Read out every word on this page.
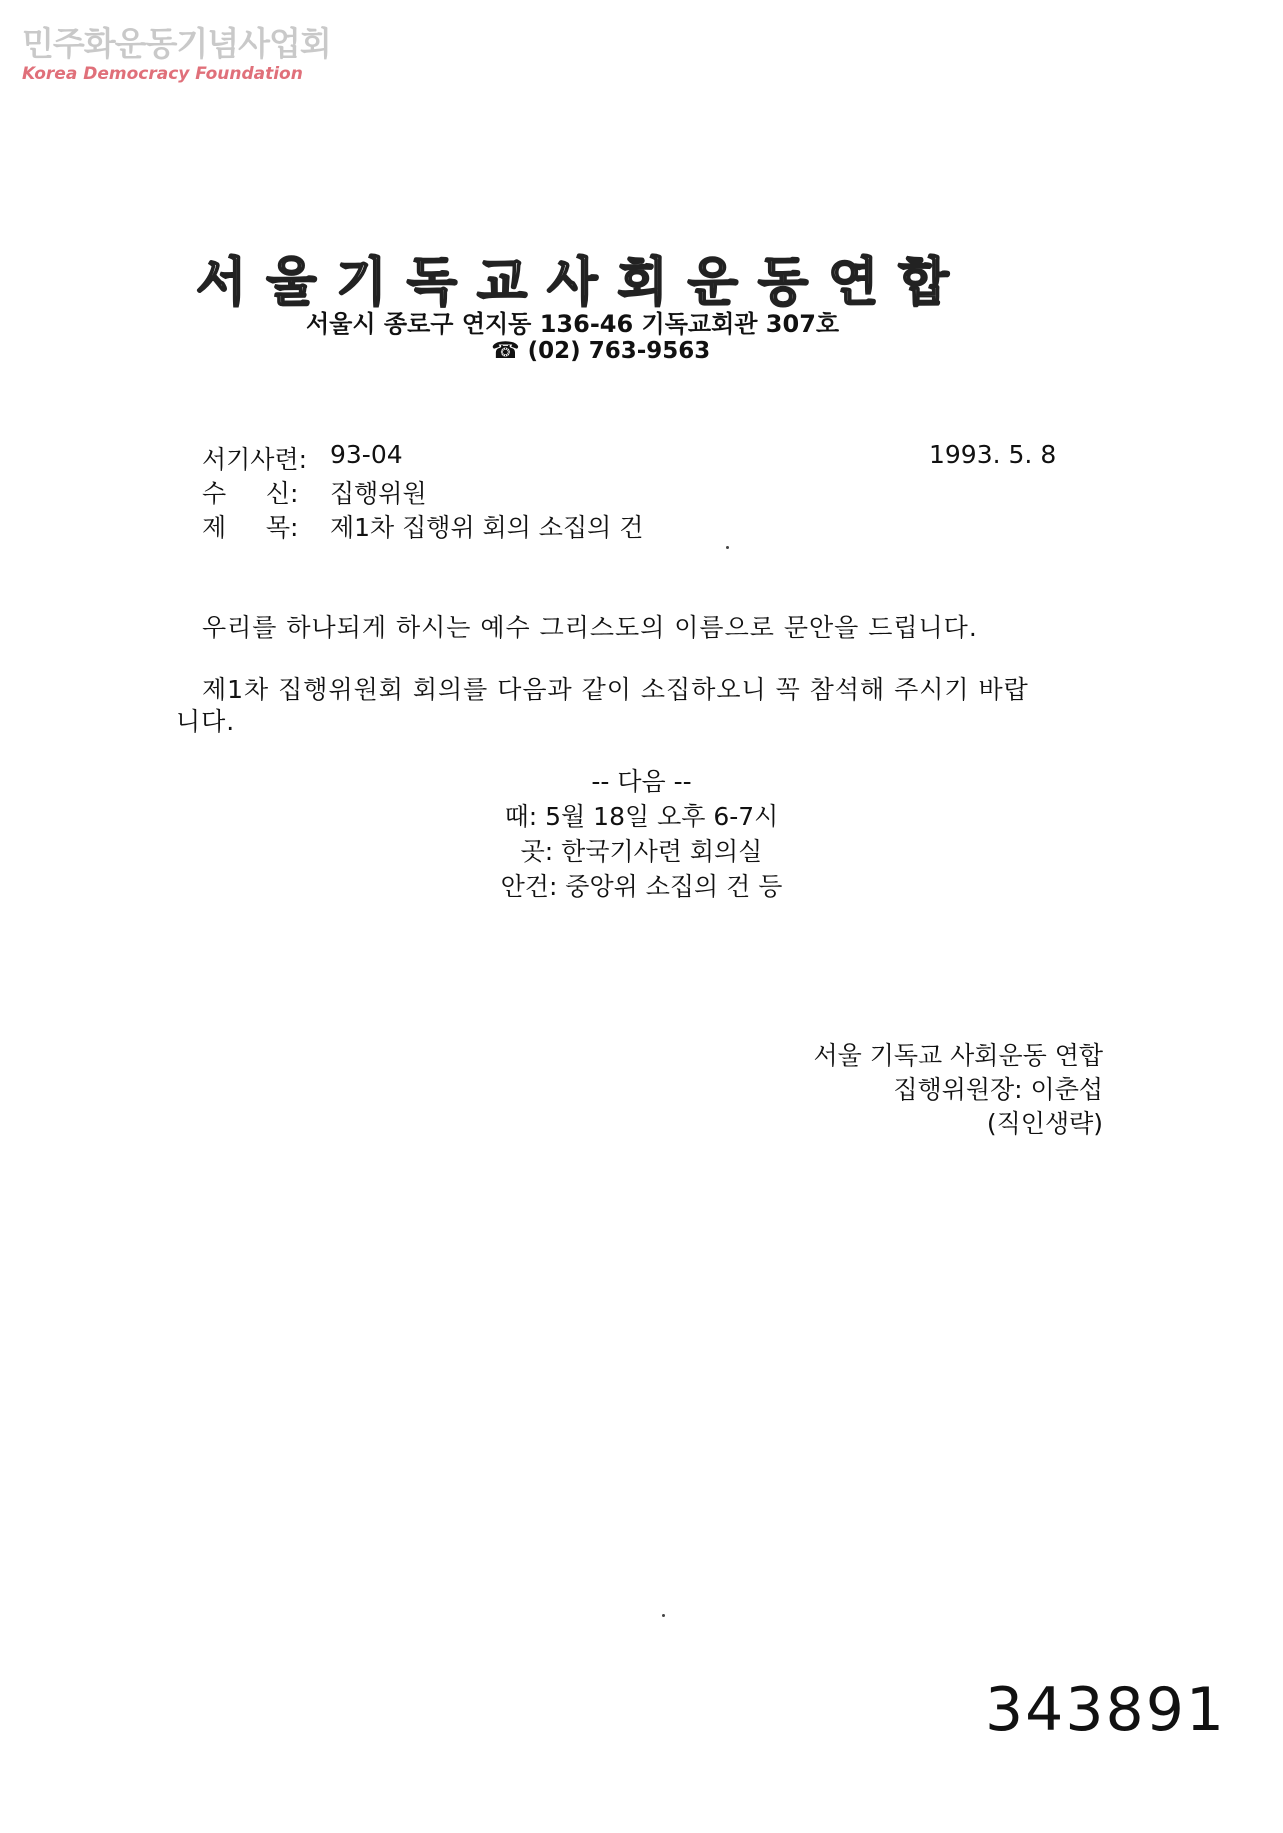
민주화운동기념사업회
Korea Democracy Foundation
서울기독교사회운동연합
서울시 종로구 연지동 136-46 기독교회관 307호
☎ (02) 763-9563
서기사련: 93-04	1993. 5. 8
수     신: 집행위원
제     목: 제1차 집행위 회의 소집의 건
우리를 하나되게 하시는 예수 그리스도의 이름으로 문안을 드립니다.
제1차 집행위원회 회의를 다음과 같이 소집하오니 꼭 참석해 주시기 바랍
니다.
-- 다음 --
때: 5월 18일 오후 6-7시
곳: 한국기사련 회의실
안건: 중앙위 소집의 건 등
서울 기독교 사회운동 연합
집행위원장: 이춘섭
(직인생략)
343891
